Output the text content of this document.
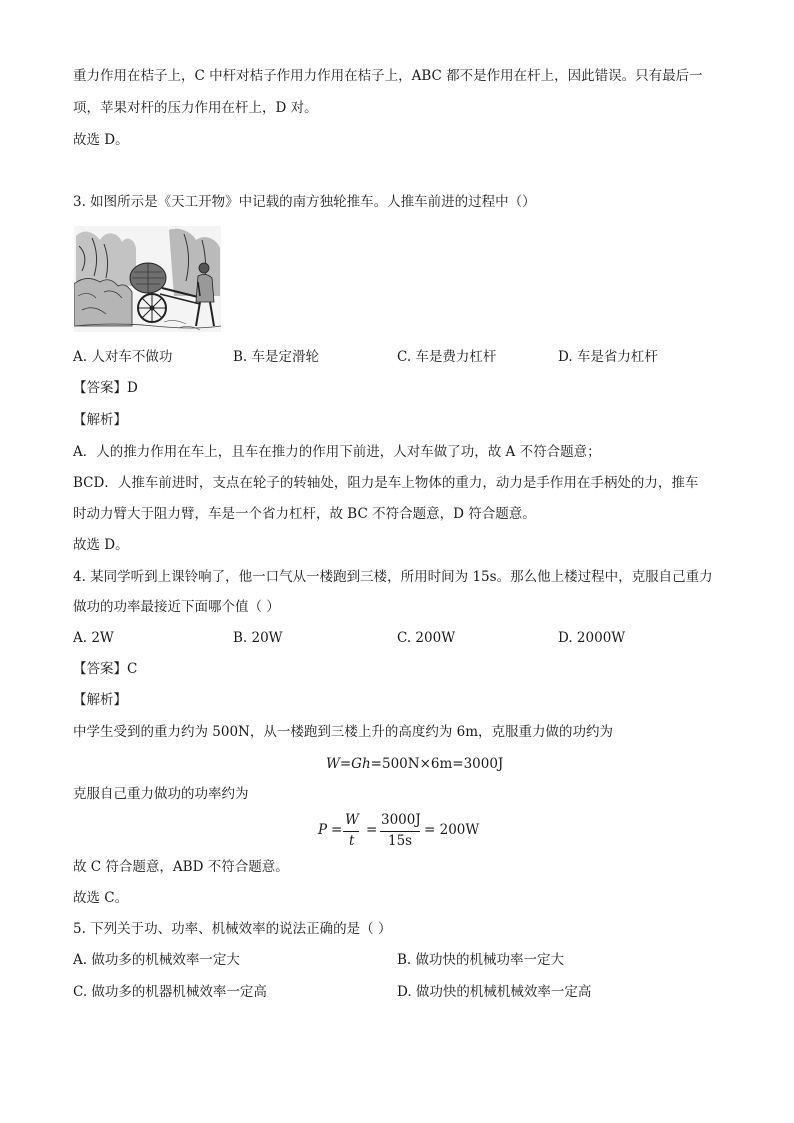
重力作用在桔子上，C 中杆对桔子作用力作用在桔子上，ABC 都不是作用在杆上，因此错误。只有最后一
项，苹果对杆的压力作用在杆上，D 对。
故选 D。
3. 如图所示是《天工开物》中记载的南方独轮推车。人推车前进的过程中（）
A. 人对车不做功	B. 车是定滑轮	C. 车是费力杠杆	D. 车是省力杠杆
【答案】D
【解析】
A．人的推力作用在车上，且车在推力的作用下前进，人对车做了功，故 A 不符合题意；
BCD．人推车前进时，支点在轮子的转轴处，阻力是车上物体的重力，动力是手作用在手柄处的力，推车
时动力臂大于阻力臂，车是一个省力杠杆，故 BC 不符合题意，D 符合题意。
故选 D。
4. 某同学听到上课铃响了，他一口气从一楼跑到三楼，所用时间为 15s。那么他上楼过程中，克服自己重力
做功的功率最接近下面哪个值（ ）
A. 2W	B. 20W	C. 200W	D. 2000W
【答案】C
【解析】
中学生受到的重力约为 500N，从一楼跑到三楼上升的高度约为 6m，克服重力做的功约为
W=Gh=500N×6m=3000J
克服自己重力做功的功率约为
P =
W
t
=
3000J
15s
= 200W
故 C 符合题意，ABD 不符合题意。
故选 C。
5. 下列关于功、功率、机械效率的说法正确的是（ ）
A. 做功多的机械效率一定大	B. 做功快的机械功率一定大
C. 做功多的机器机械效率一定高	D. 做功快的机械机械效率一定高
